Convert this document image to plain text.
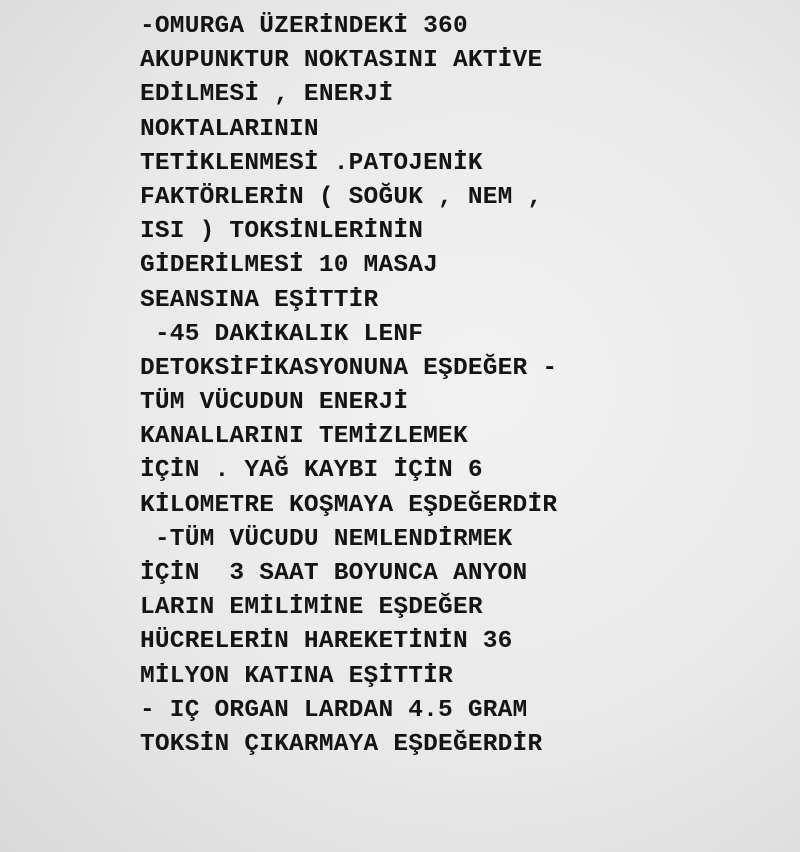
-OMURGA ÜZERİNDEKİ 360
AKUPUNKTUR NOKTASINI AKTİVE
EDİLMESİ , ENERJİ
NOKTALARININ
TETİKLENMESİ .PATOJENİK
FAKTÖRLERİN ( SOĞUK , NEM ,
ISI ) TOKSİNLERİNİN
GİDERİLMESİ 10 MASAJ
SEANSINA EŞİTTİR
-45 DAKİKALIK LENF
DETOKSİFİKASYONUNA EŞDEĞER -
TÜM VÜCUDUN ENERJİ
KANALLARINI TEMİZLEMEK
İÇİN . YAĞ KAYBI İÇİN 6
KİLOMETRE KOŞMAYA EŞDEĞERDİR
-TÜM VÜCUDU NEMLENDİRMEK
İÇİN  3 SAAT BOYUNCA ANYON
LARIN EMİLİMİNE EŞDEĞER
HÜCRELERİN HAREKETİNİN 36
MİLYON KATINA EŞİTTİR
- IÇ ORGAN LARDAN 4.5 GRAM
TOKSİN ÇIKARMAYA EŞDEĞERDİR
